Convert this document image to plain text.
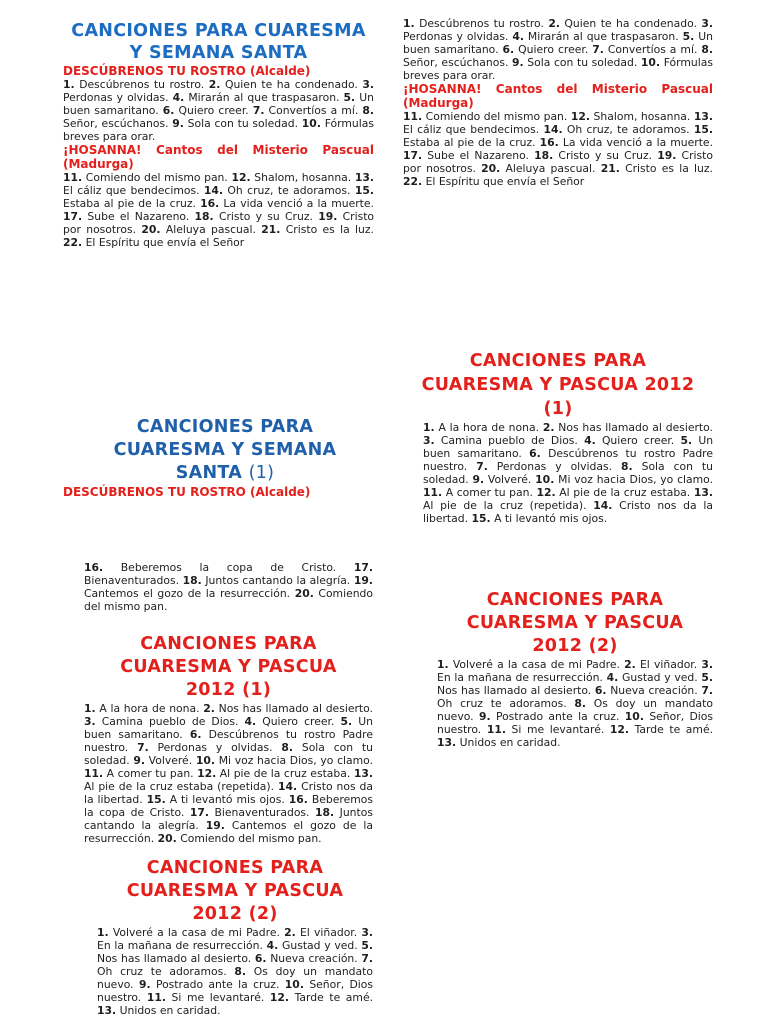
CANCIONES PARA CUARESMA
Y SEMANA SANTA
DESCÚBRENOS TU ROSTRO (Alcalde)

1. Descúbrenos tu rostro. 2. Quien te ha condenado. 3. Perdonas y olvidas. 4. Mirarán al que traspasaron. 5. Un buen samaritano. 6. Quiero creer. 7. Convertíos a mí. 8. Señor, escúchanos. 9. Sola con tu soledad. 10. Fórmulas breves para orar.

¡HOSANNA! Cantos del Misterio Pascual (Madurga)

11. Comiendo del mismo pan. 12. Shalom, hosanna. 13. El cáliz que bendecimos. 14. Oh cruz, te adoramos. 15. Estaba al pie de la cruz. 16. La vida venció a la muerte. 17. Sube el Nazareno. 18. Cristo y su Cruz. 19. Cristo por nosotros. 20. Aleluya pascual. 21. Cristo es la luz. 22. El Espíritu que envía el Señor

1. Descúbrenos tu rostro. 2. Quien te ha condenado. 3. Perdonas y olvidas. 4. Mirarán al que traspasaron. 5. Un buen samaritano. 6. Quiero creer. 7. Convertíos a mí. 8. Señor, escúchanos. 9. Sola con tu soledad. 10. Fórmulas breves para orar.

¡HOSANNA! Cantos del Misterio Pascual (Madurga)

11. Comiendo del mismo pan. 12. Shalom, hosanna. 13. El cáliz que bendecimos. 14. Oh cruz, te adoramos. 15. Estaba al pie de la cruz. 16. La vida venció a la muerte. 17. Sube el Nazareno. 18. Cristo y su Cruz. 19. Cristo por nosotros. 20. Aleluya pascual. 21. Cristo es la luz. 22. El Espíritu que envía el Señor

CANCIONES PARA
CUARESMA Y SEMANA
SANTA (1)
DESCÚBRENOS TU ROSTRO (Alcalde)
CANCIONES PARA
CUARESMA Y PASCUA 2012
(1)

1. A la hora de nona. 2. Nos has llamado al desierto. 3. Camina pueblo de Dios. 4. Quiero creer. 5. Un buen samaritano. 6. Descúbrenos tu rostro Padre nuestro. 7. Perdonas y olvidas. 8. Sola con tu soledad. 9. Volveré. 10. Mi voz hacia Dios, yo clamo. 11. A comer tu pan. 12. Al pie de la cruz estaba. 13. Al pie de la cruz (repetida). 14. Cristo nos da la libertad. 15. A ti levantó mis ojos.

16. Beberemos la copa de Cristo. 17. Bienaventurados. 18. Juntos cantando la alegría. 19. Cantemos el gozo de la resurrección. 20. Comiendo del mismo pan.

CANCIONES PARA
CUARESMA Y PASCUA
2012 (1)

1. A la hora de nona. 2. Nos has llamado al desierto. 3. Camina pueblo de Dios. 4. Quiero creer. 5. Un buen samaritano. 6. Descúbrenos tu rostro Padre nuestro. 7. Perdonas y olvidas. 8. Sola con tu soledad. 9. Volveré. 10. Mi voz hacia Dios, yo clamo. 11. A comer tu pan. 12. Al pie de la cruz estaba. 13. Al pie de la cruz estaba (repetida). 14. Cristo nos da la libertad. 15. A ti levantó mis ojos. 16. Beberemos la copa de Cristo. 17. Bienaventurados. 18. Juntos cantando la alegría. 19. Cantemos el gozo de la resurrección. 20. Comiendo del mismo pan.

CANCIONES PARA
CUARESMA Y PASCUA
2012 (2)

1. Volveré a la casa de mi Padre. 2. El viñador. 3. En la mañana de resurrección. 4. Gustad y ved. 5. Nos has llamado al desierto. 6. Nueva creación. 7. Oh cruz te adoramos. 8. Os doy un mandato nuevo. 9. Postrado ante la cruz. 10. Señor, Dios nuestro. 11. Si me levantaré. 12. Tarde te amé. 13. Unidos en caridad.

CANCIONES PARA
CUARESMA Y PASCUA
2012 (2)

1. Volveré a la casa de mi Padre. 2. El viñador. 3. En la mañana de resurrección. 4. Gustad y ved. 5. Nos has llamado al desierto. 6. Nueva creación. 7. Oh cruz te adoramos. 8. Os doy un mandato nuevo. 9. Postrado ante la cruz. 10. Señor, Dios nuestro. 11. Si me levantaré. 12. Tarde te amé. 13. Unidos en caridad.
